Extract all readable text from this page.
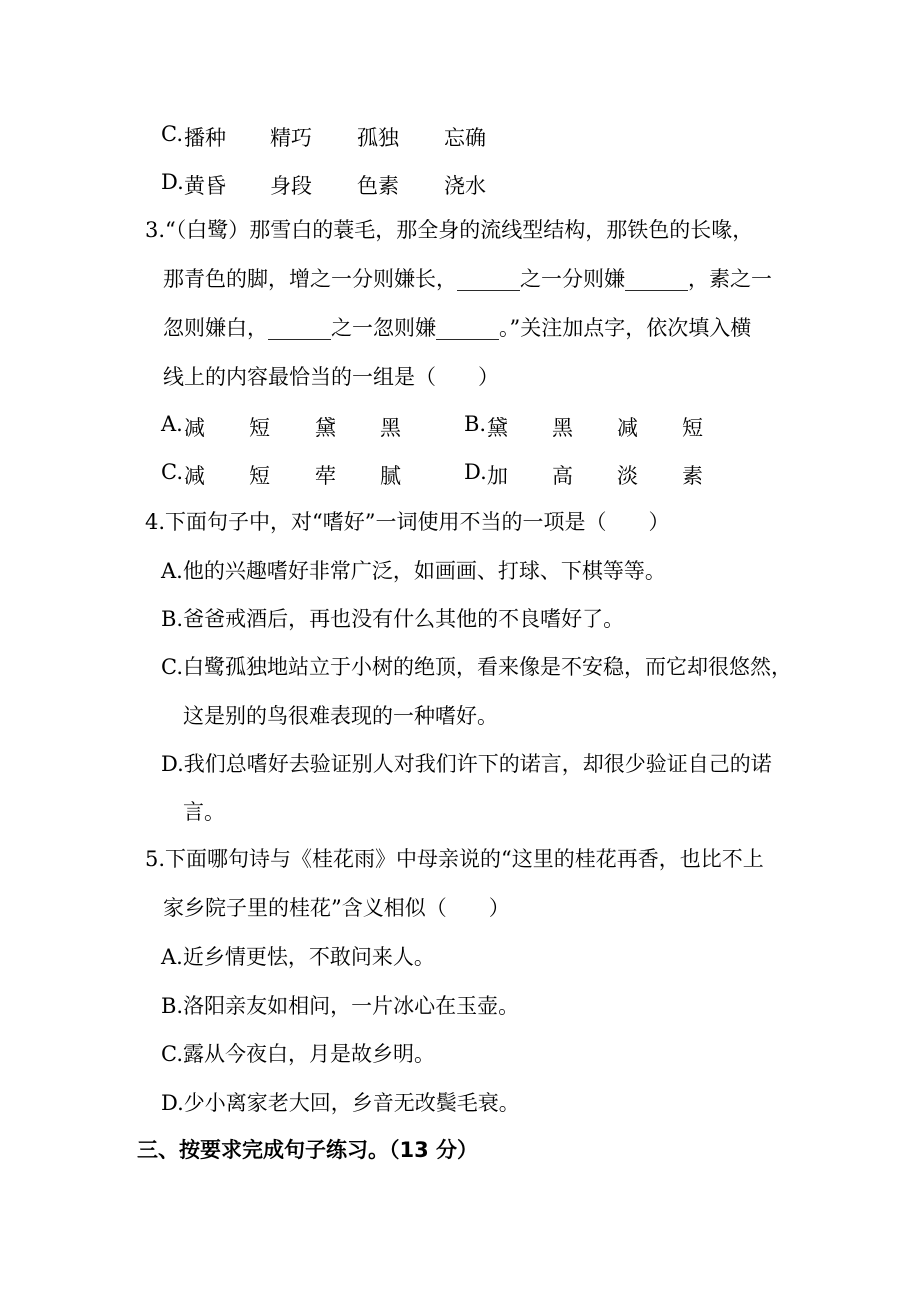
C. 播种 精巧 孤独 忘确
D. 黄昏 身段 色素 浇水
3.“（白鹭）那雪白的蓑毛，那全身的流线型结构，那铁色的长喙，
那青色的脚，增之一分则嫌长，______之一分则嫌______，素之一
忽则嫌白，______之一忽则嫌______。”关注加点字，依次填入横
线上的内容最恰当的一组是（　　）
A. 减 短 黛 黑	B. 黛 黑 减 短
C. 减 短 荦 腻	D. 加 高 淡 素
4.下面句子中，对“嗜好”一词使用不当的一项是（　　）
A.他的兴趣嗜好非常广泛，如画画、打球、下棋等等。
B.爸爸戒酒后，再也没有什么其他的不良嗜好了。
C.白鹭孤独地站立于小树的绝顶，看来像是不安稳，而它却很悠然，
这是别的鸟很难表现的一种嗜好。
D.我们总嗜好去验证别人对我们许下的诺言，却很少验证自己的诺
言。
5.下面哪句诗与《桂花雨》中母亲说的“这里的桂花再香，也比不上
家乡院子里的桂花”含义相似（　　）
A.近乡情更怯，不敢问来人。
B.洛阳亲友如相问，一片冰心在玉壶。
C.露从今夜白，月是故乡明。
D.少小离家老大回，乡音无改鬓毛衰。
三、按要求完成句子练习。（13 分）
